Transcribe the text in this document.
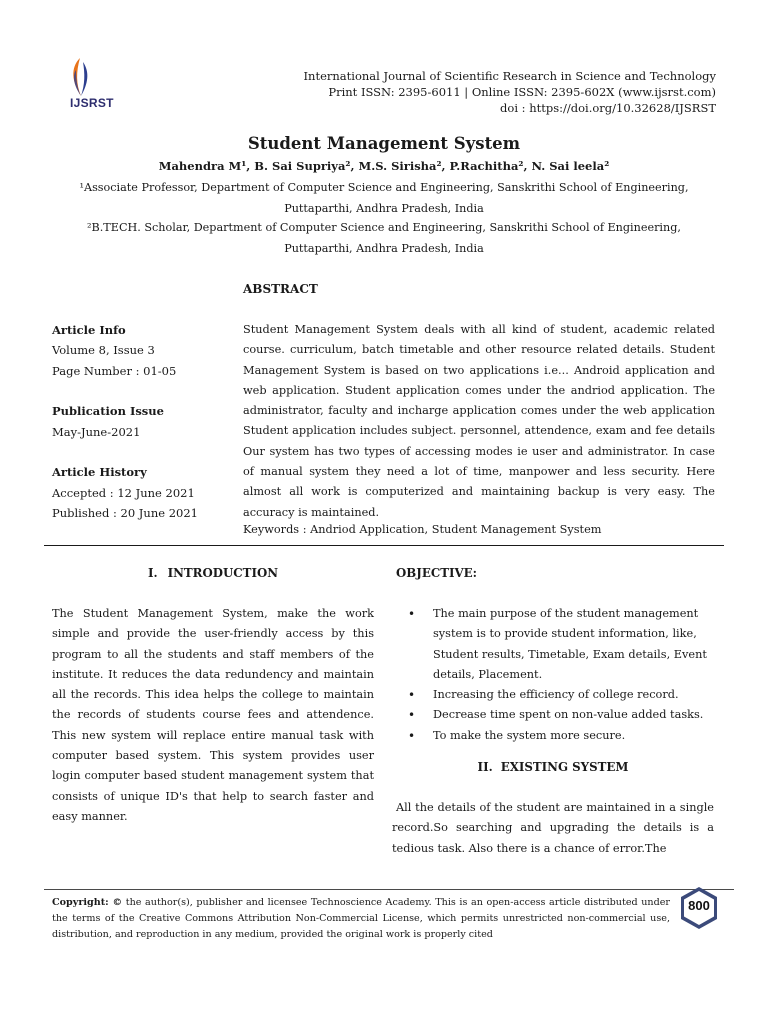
IJSRST
International Journal of Scientific Research in Science and Technology
Print ISSN: 2395-6011 | Online ISSN: 2395-602X (www.ijsrst.com)
doi : https://doi.org/10.32628/IJSRST
Student Management System
Mahendra M¹, B. Sai Supriya², M.S. Sirisha², P.Rachitha², N. Sai leela²
¹Associate Professor, Department of Computer Science and Engineering, Sanskrithi School of Engineering,
Puttaparthi, Andhra Pradesh, India
²B.TECH. Scholar, Department of Computer Science and Engineering, Sanskrithi School of Engineering,
Puttaparthi, Andhra Pradesh, India
ABSTRACT
Article Info
Volume 8, Issue 3
Page Number : 01-05
Publication Issue
May-June-2021
Article History
Accepted : 12 June 2021
Published : 20 June 2021
Student Management System deals with all kind of student, academic related course. curriculum, batch timetable and other resource related details. Student Management System is based on two applications i.e... Android application and web application. Student application comes under the andriod application. The administrator, faculty and incharge application comes under the web application Student application includes subject. personnel, attendence, exam and fee details Our system has two types of accessing modes ie user and administrator. In case of manual system they need a lot of time, manpower and less security. Here almost all work is computerized and maintaining backup is very easy. The accuracy is maintained.
Keywords : Andriod Application, Student Management System
I. INTRODUCTION
The Student Management System, make the work simple and provide the user-friendly access by this program to all the students and staff members of the institute. It reduces the data redundency and maintain all the records. This idea helps the college to maintain the records of students course fees and attendence. This new system will replace entire manual task with computer based system. This system provides user login computer based student management system that consists of unique ID's that help to search faster and easy manner.
OBJECTIVE:
• The main purpose of the student management system is to provide student information, like, Student results, Timetable, Exam details, Event details, Placement.
• Increasing the efficiency of college record.
• Decrease time spent on non-value added tasks.
• To make the system more secure.
II. EXISTING SYSTEM
All the details of the student are maintained in a single record.So searching and upgrading the details is a tedious task. Also there is a chance of error.The
Copyright: © the author(s), publisher and licensee Technoscience Academy. This is an open-access article distributed under the terms of the Creative Commons Attribution Non-Commercial License, which permits unrestricted non-commercial use, distribution, and reproduction in any medium, provided the original work is properly cited
800
